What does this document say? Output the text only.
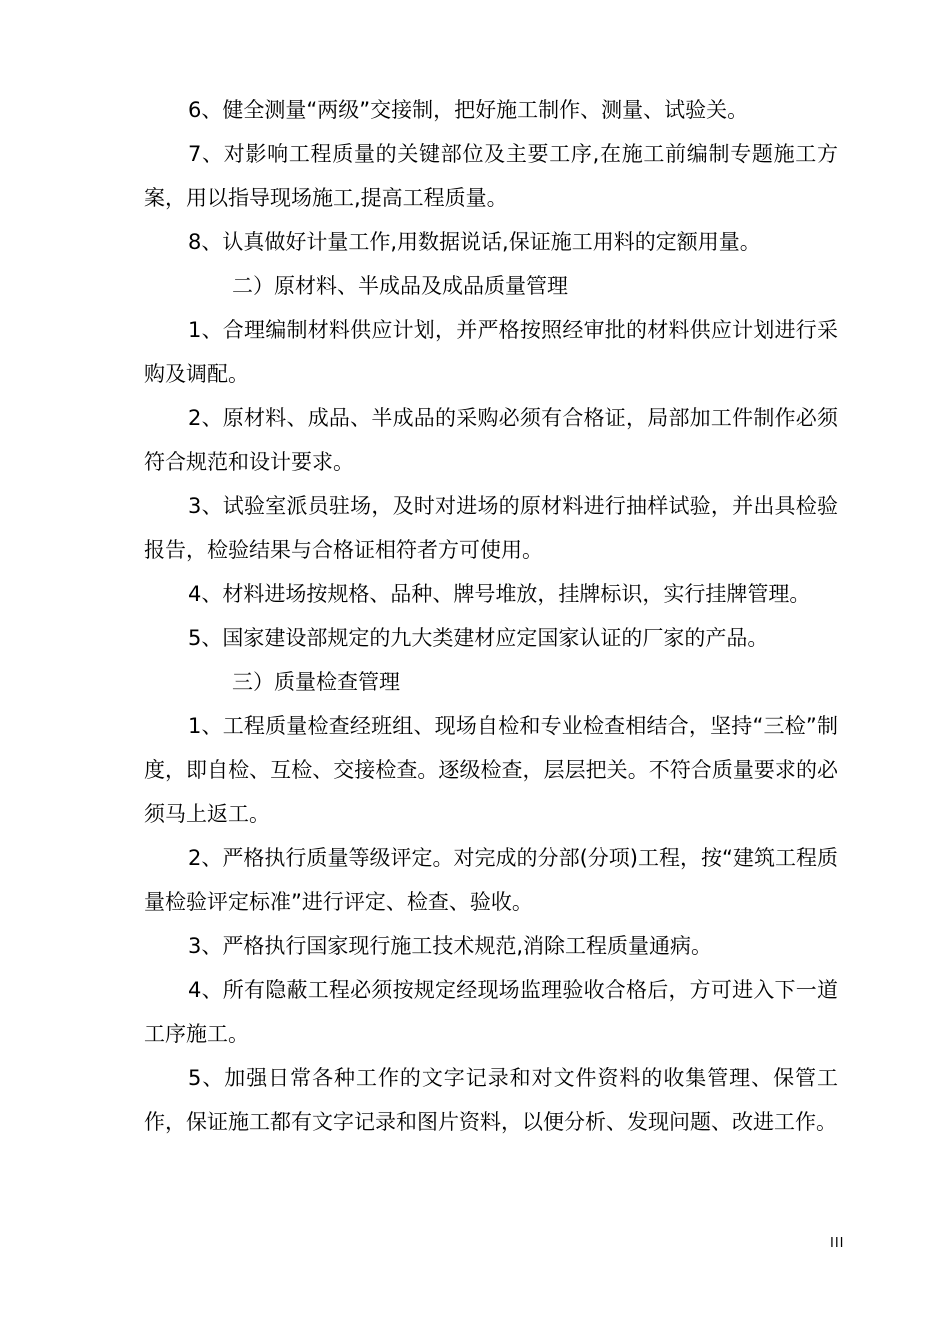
6、健全测量“两级”交接制，把好施工制作、测量、试验关。

7、对影响工程质量的关键部位及主要工序,在施工前编制专题施工方案，用以指导现场施工,提高工程质量。

8、认真做好计量工作,用数据说话,保证施工用料的定额用量。

二）原材料、半成品及成品质量管理

1、合理编制材料供应计划，并严格按照经审批的材料供应计划进行采购及调配。

2、原材料、成品、半成品的采购必须有合格证，局部加工件制作必须符合规范和设计要求。

3、试验室派员驻场，及时对进场的原材料进行抽样试验，并出具检验报告，检验结果与合格证相符者方可使用。

4、材料进场按规格、品种、牌号堆放，挂牌标识，实行挂牌管理。

5、国家建设部规定的九大类建材应定国家认证的厂家的产品。

三）质量检查管理

1、工程质量检查经班组、现场自检和专业检查相结合，坚持“三检”制度，即自检、互检、交接检查。逐级检查，层层把关。不符合质量要求的必须马上返工。

2、严格执行质量等级评定。对完成的分部(分项)工程，按“建筑工程质量检验评定标准”进行评定、检查、验收。

3、严格执行国家现行施工技术规范,消除工程质量通病。

4、所有隐蔽工程必须按规定经现场监理验收合格后，方可进入下一道工序施工。

5、加强日常各种工作的文字记录和对文件资料的收集管理、保管工作，保证施工都有文字记录和图片资料，以便分析、发现问题、改进工作。

III
